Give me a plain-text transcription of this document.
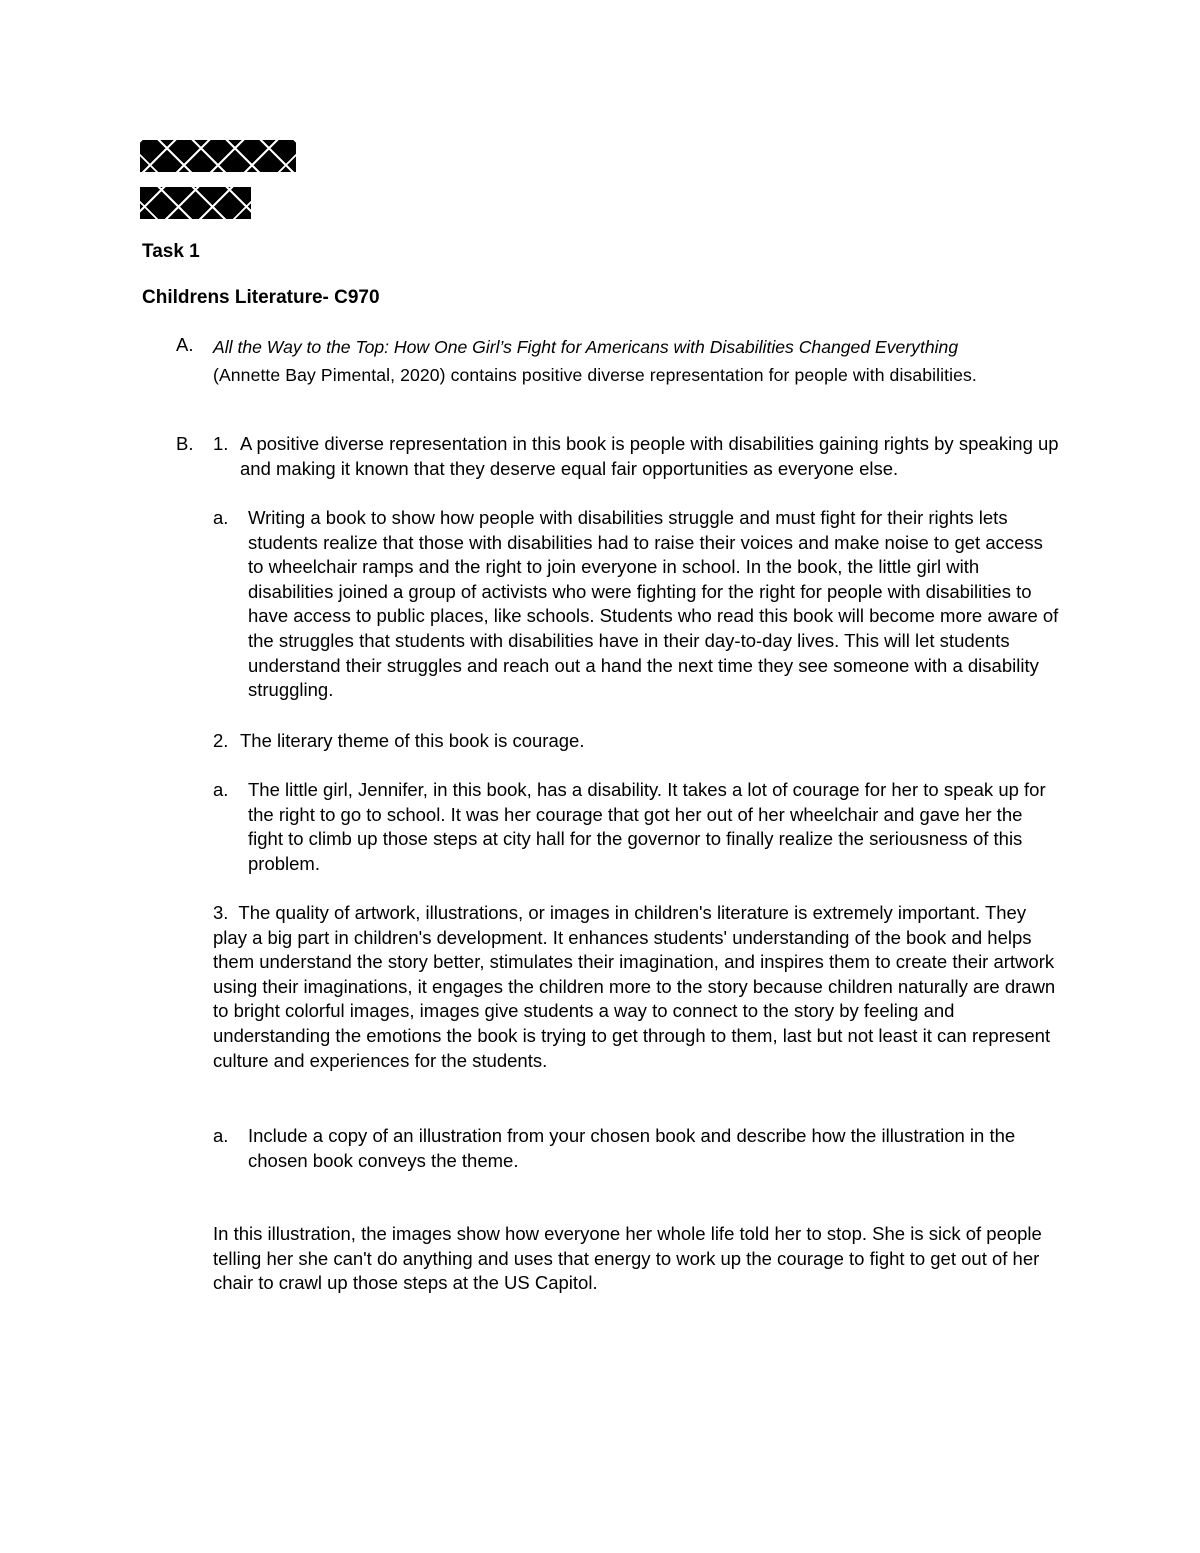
Task 1
Childrens Literature- C970
A. All the Way to the Top: How One Girl’s Fight for Americans with Disabilities Changed Everything
(Annette Bay Pimental, 2020) contains positive diverse representation for people with disabilities.
B. 1. A positive diverse representation in this book is people with disabilities gaining rights by speaking up and making it known that they deserve equal fair opportunities as everyone else.
a. Writing a book to show how people with disabilities struggle and must fight for their rights lets students realize that those with disabilities had to raise their voices and make noise to get access to wheelchair ramps and the right to join everyone in school. In the book, the little girl with disabilities joined a group of activists who were fighting for the right for people with disabilities to have access to public places, like schools. Students who read this book will become more aware of the struggles that students with disabilities have in their day-to-day lives. This will let students understand their struggles and reach out a hand the next time they see someone with a disability struggling.
2. The literary theme of this book is courage.
a. The little girl, Jennifer, in this book, has a disability. It takes a lot of courage for her to speak up for the right to go to school. It was her courage that got her out of her wheelchair and gave her the fight to climb up those steps at city hall for the governor to finally realize the seriousness of this problem.
3. The quality of artwork, illustrations, or images in children's literature is extremely important. They play a big part in children's development. It enhances students' understanding of the book and helps them understand the story better, stimulates their imagination, and inspires them to create their artwork using their imaginations, it engages the children more to the story because children naturally are drawn to bright colorful images, images give students a way to connect to the story by feeling and understanding the emotions the book is trying to get through to them, last but not least it can represent culture and experiences for the students.
a. Include a copy of an illustration from your chosen book and describe how the illustration in the chosen book conveys the theme.
In this illustration, the images show how everyone her whole life told her to stop. She is sick of people telling her she can't do anything and uses that energy to work up the courage to fight to get out of her chair to crawl up those steps at the US Capitol.
